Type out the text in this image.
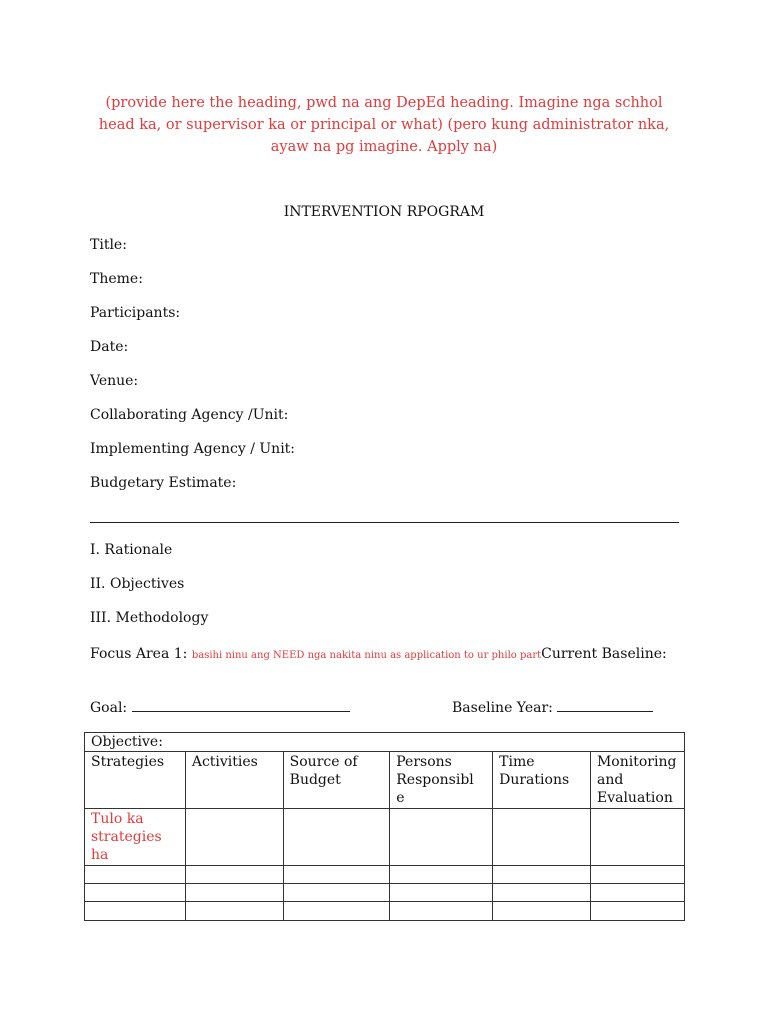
(provide here the heading, pwd na ang DepEd heading. Imagine nga schhol
head ka, or supervisor ka or principal or what) (pero kung administrator nka,
ayaw na pg imagine. Apply na)
INTERVENTION RPOGRAM
Title:
Theme:
Participants:
Date:
Venue:
Collaborating Agency /Unit:
Implementing Agency / Unit:
Budgetary Estimate:
I. Rationale
II. Objectives
III. Methodology
Focus Area 1: basihi ninu ang NEED nga nakita ninu as application to ur philo partCurrent Baseline:
Goal:	Baseline Year:
Objective:					
Strategies	Activities	Source of Budget	Persons Responsibl e	Time Durations	Monitoring and Evaluation
Tulo ka strategies ha					
